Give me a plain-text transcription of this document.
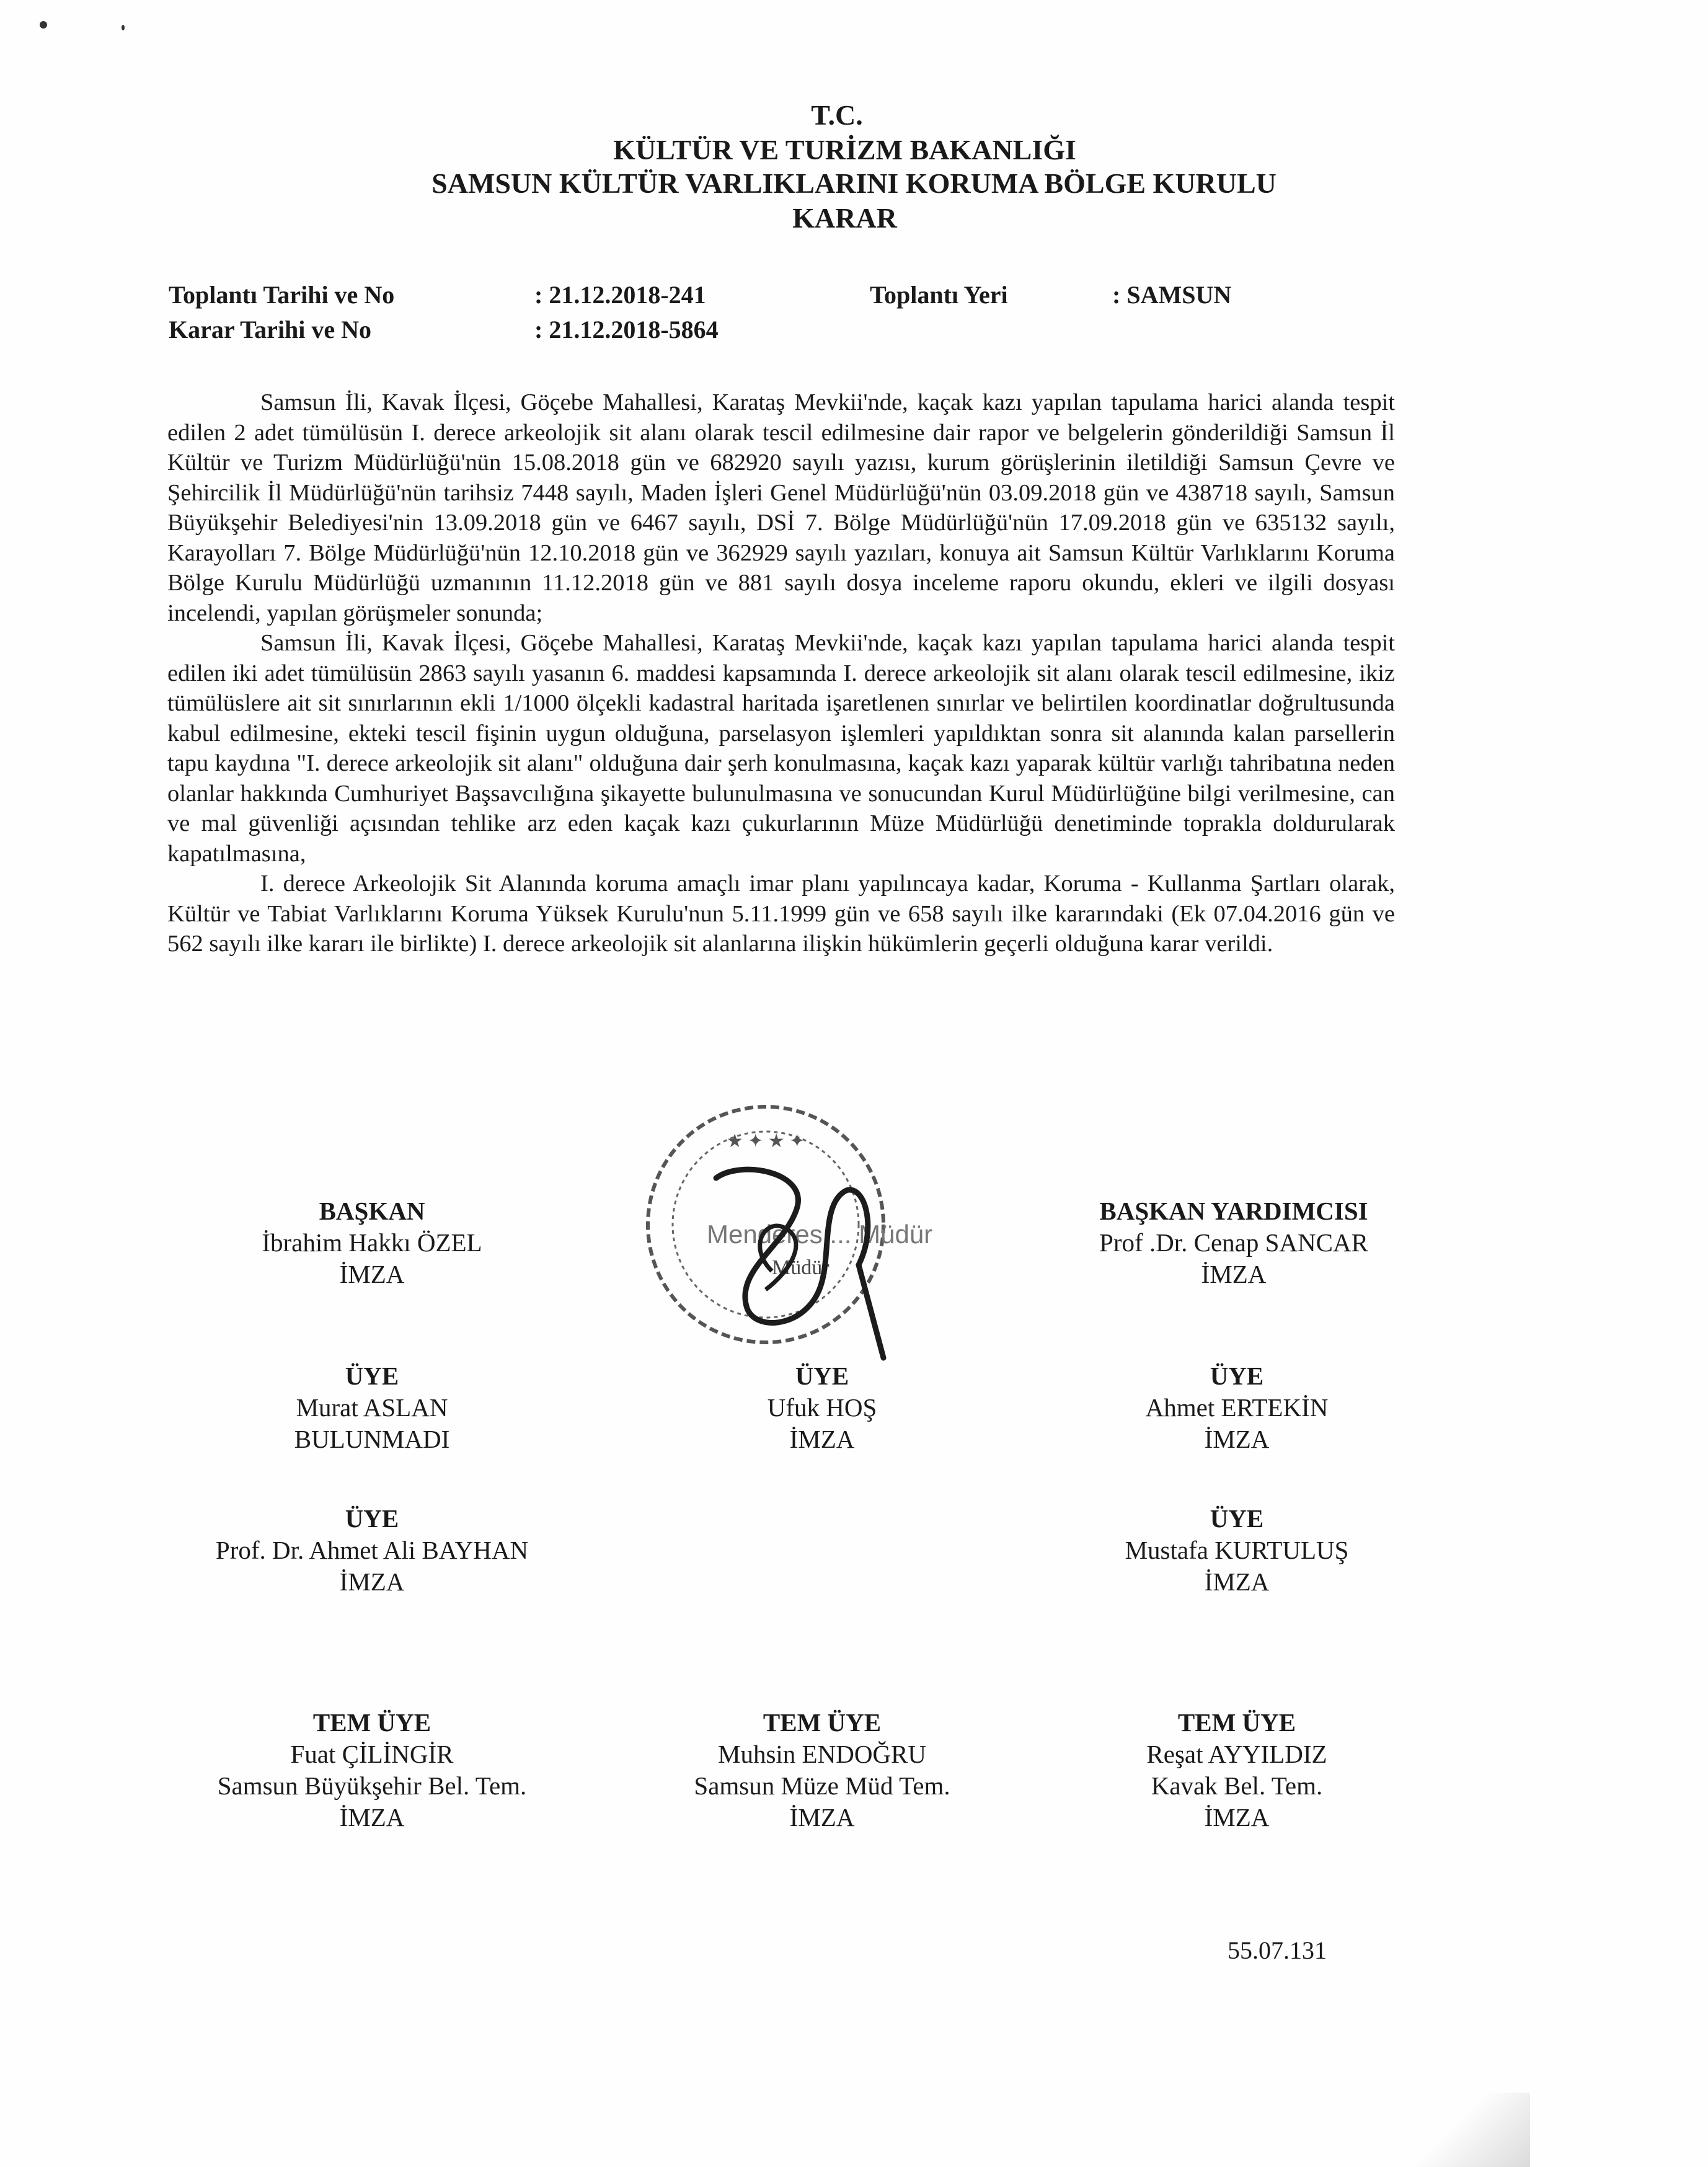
T.C.
KÜLTÜR VE TURİZM BAKANLIĞI
SAMSUN KÜLTÜR VARLIKLARINI KORUMA BÖLGE KURULU
KARAR
Toplantı Tarihi ve No	: 21.12.2018-241	Toplantı Yeri	: SAMSUN
Karar Tarihi ve No	: 21.12.2018-5864

Samsun İli, Kavak İlçesi, Göçebe Mahallesi, Karataş Mevkii'nde, kaçak kazı yapılan tapulama harici alanda tespit edilen 2 adet tümülüsün I. derece arkeolojik sit alanı olarak tescil edilmesine dair rapor ve belgelerin gönderildiği Samsun İl Kültür ve Turizm Müdürlüğü'nün 15.08.2018 gün ve 682920 sayılı yazısı, kurum görüşlerinin iletildiği Samsun Çevre ve Şehircilik İl Müdürlüğü'nün tarihsiz 7448 sayılı, Maden İşleri Genel Müdürlüğü'nün 03.09.2018 gün ve 438718 sayılı, Samsun Büyükşehir Belediyesi'nin 13.09.2018 gün ve 6467 sayılı, DSİ 7. Bölge Müdürlüğü'nün 17.09.2018 gün ve 635132 sayılı, Karayolları 7. Bölge Müdürlüğü'nün 12.10.2018 gün ve 362929 sayılı yazıları, konuya ait Samsun Kültür Varlıklarını Koruma Bölge Kurulu Müdürlüğü uzmanının 11.12.2018 gün ve 881 sayılı dosya inceleme raporu okundu, ekleri ve ilgili dosyası incelendi, yapılan görüşmeler sonunda;

Samsun İli, Kavak İlçesi, Göçebe Mahallesi, Karataş Mevkii'nde, kaçak kazı yapılan tapulama harici alanda tespit edilen iki adet tümülüsün 2863 sayılı yasanın 6. maddesi kapsamında I. derece arkeolojik sit alanı olarak tescil edilmesine, ikiz tümülüslere ait sit sınırlarının ekli 1/1000 ölçekli kadastral haritada işaretlenen sınırlar ve belirtilen koordinatlar doğrultusunda kabul edilmesine, ekteki tescil fişinin uygun olduğuna, parselasyon işlemleri yapıldıktan sonra sit alanında kalan parsellerin tapu kaydına "I. derece arkeolojik sit alanı" olduğuna dair şerh konulmasına, kaçak kazı yaparak kültür varlığı tahribatına neden olanlar hakkında Cumhuriyet Başsavcılığına şikayette bulunulmasına ve sonucundan Kurul Müdürlüğüne bilgi verilmesine, can ve mal güvenliği açısından tehlike arz eden kaçak kazı çukurlarının Müze Müdürlüğü denetiminde toprakla doldurularak kapatılmasına,

I. derece Arkeolojik Sit Alanında koruma amaçlı imar planı yapılıncaya kadar, Koruma - Kullanma Şartları olarak, Kültür ve Tabiat Varlıklarını Koruma Yüksek Kurulu'nun 5.11.1999 gün ve 658 sayılı ilke kararındaki (Ek 07.04.2016 gün ve 562 sayılı ilke kararı ile birlikte) I. derece arkeolojik sit alanlarına ilişkin hükümlerin geçerli olduğuna karar verildi.

★ ✦ ★ ✦
Menderes ... Müdür
Müdür
BAŞKAN
İbrahim Hakkı ÖZEL
İMZA
BAŞKAN YARDIMCISI
Prof .Dr. Cenap SANCAR
İMZA
ÜYE
Murat ASLAN
BULUNMADI
ÜYE
Ufuk HOŞ
İMZA
ÜYE
Ahmet ERTEKİN
İMZA
ÜYE
Prof. Dr. Ahmet Ali BAYHAN
İMZA
ÜYE
Mustafa KURTULUŞ
İMZA
TEM ÜYE
Fuat ÇİLİNGİR
Samsun Büyükşehir Bel. Tem.
İMZA
TEM ÜYE
Muhsin ENDOĞRU
Samsun Müze Müd Tem.
İMZA
TEM ÜYE
Reşat AYYILDIZ
Kavak Bel. Tem.
İMZA
55.07.131
